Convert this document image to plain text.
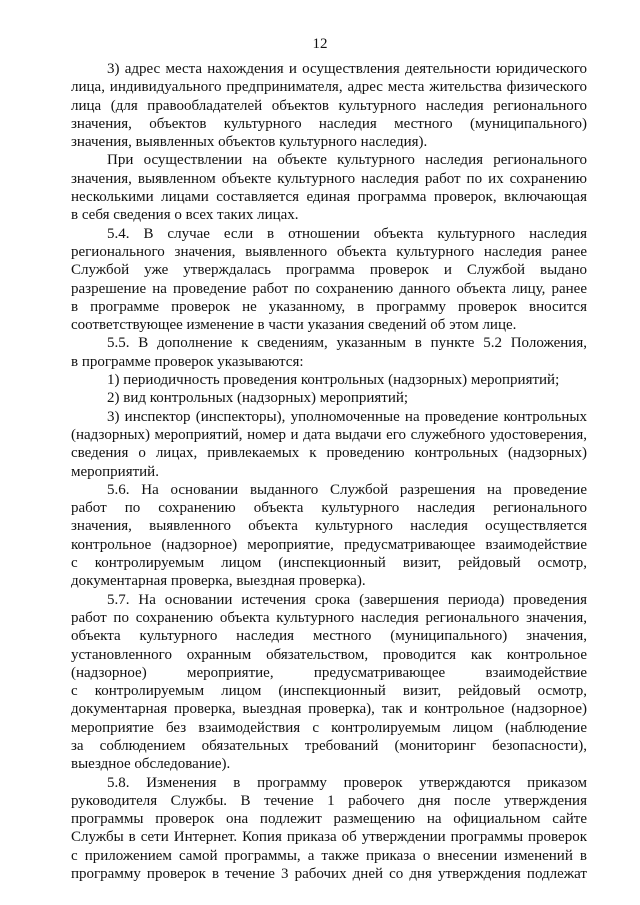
12
3) адрес места нахождения и осуществления деятельности юридического
лица, индивидуального предпринимателя, адрес места жительства физического
лица (для правообладателей объектов культурного наследия регионального
значения, объектов культурного наследия местного (муниципального)
значения, выявленных объектов культурного наследия).
При осуществлении на объекте культурного наследия регионального
значения, выявленном объекте культурного наследия работ по их сохранению
несколькими лицами составляется единая программа проверок, включающая
в себя сведения о всех таких лицах.
5.4. В случае если в отношении объекта культурного наследия
регионального значения, выявленного объекта культурного наследия ранее
Службой уже утверждалась программа проверок и Службой выдано
разрешение на проведение работ по сохранению данного объекта лицу, ранее
в программе проверок не указанному, в программу проверок вносится
соответствующее изменение в части указания сведений об этом лице.
5.5. В дополнение к сведениям, указанным в пункте 5.2 Положения,
в программе проверок указываются:
1) периодичность проведения контрольных (надзорных) мероприятий;
2) вид контрольных (надзорных) мероприятий;
3) инспектор (инспекторы), уполномоченные на проведение контрольных
(надзорных) мероприятий, номер и дата выдачи его служебного удостоверения,
сведения о лицах, привлекаемых к проведению контрольных (надзорных)
мероприятий.
5.6. На основании выданного Службой разрешения на проведение
работ по сохранению объекта культурного наследия регионального
значения, выявленного объекта культурного наследия осуществляется
контрольное (надзорное) мероприятие, предусматривающее взаимодействие
с контролируемым лицом (инспекционный визит, рейдовый осмотр,
документарная проверка, выездная проверка).
5.7. На основании истечения срока (завершения периода) проведения
работ по сохранению объекта культурного наследия регионального значения,
объекта культурного наследия местного (муниципального) значения,
установленного охранным обязательством, проводится как контрольное
(надзорное) мероприятие, предусматривающее взаимодействие
с контролируемым лицом (инспекционный визит, рейдовый осмотр,
документарная проверка, выездная проверка), так и контрольное (надзорное)
мероприятие без взаимодействия с контролируемым лицом (наблюдение
за соблюдением обязательных требований (мониторинг безопасности),
выездное обследование).
5.8. Изменения в программу проверок утверждаются приказом
руководителя Службы. В течение 1 рабочего дня после утверждения
программы проверок она подлежит размещению на официальном сайте
Службы в сети Интернет. Копия приказа об утверждении программы проверок
с приложением самой программы, а также приказа о внесении изменений в
программу проверок в течение 3 рабочих дней со дня утверждения подлежат
